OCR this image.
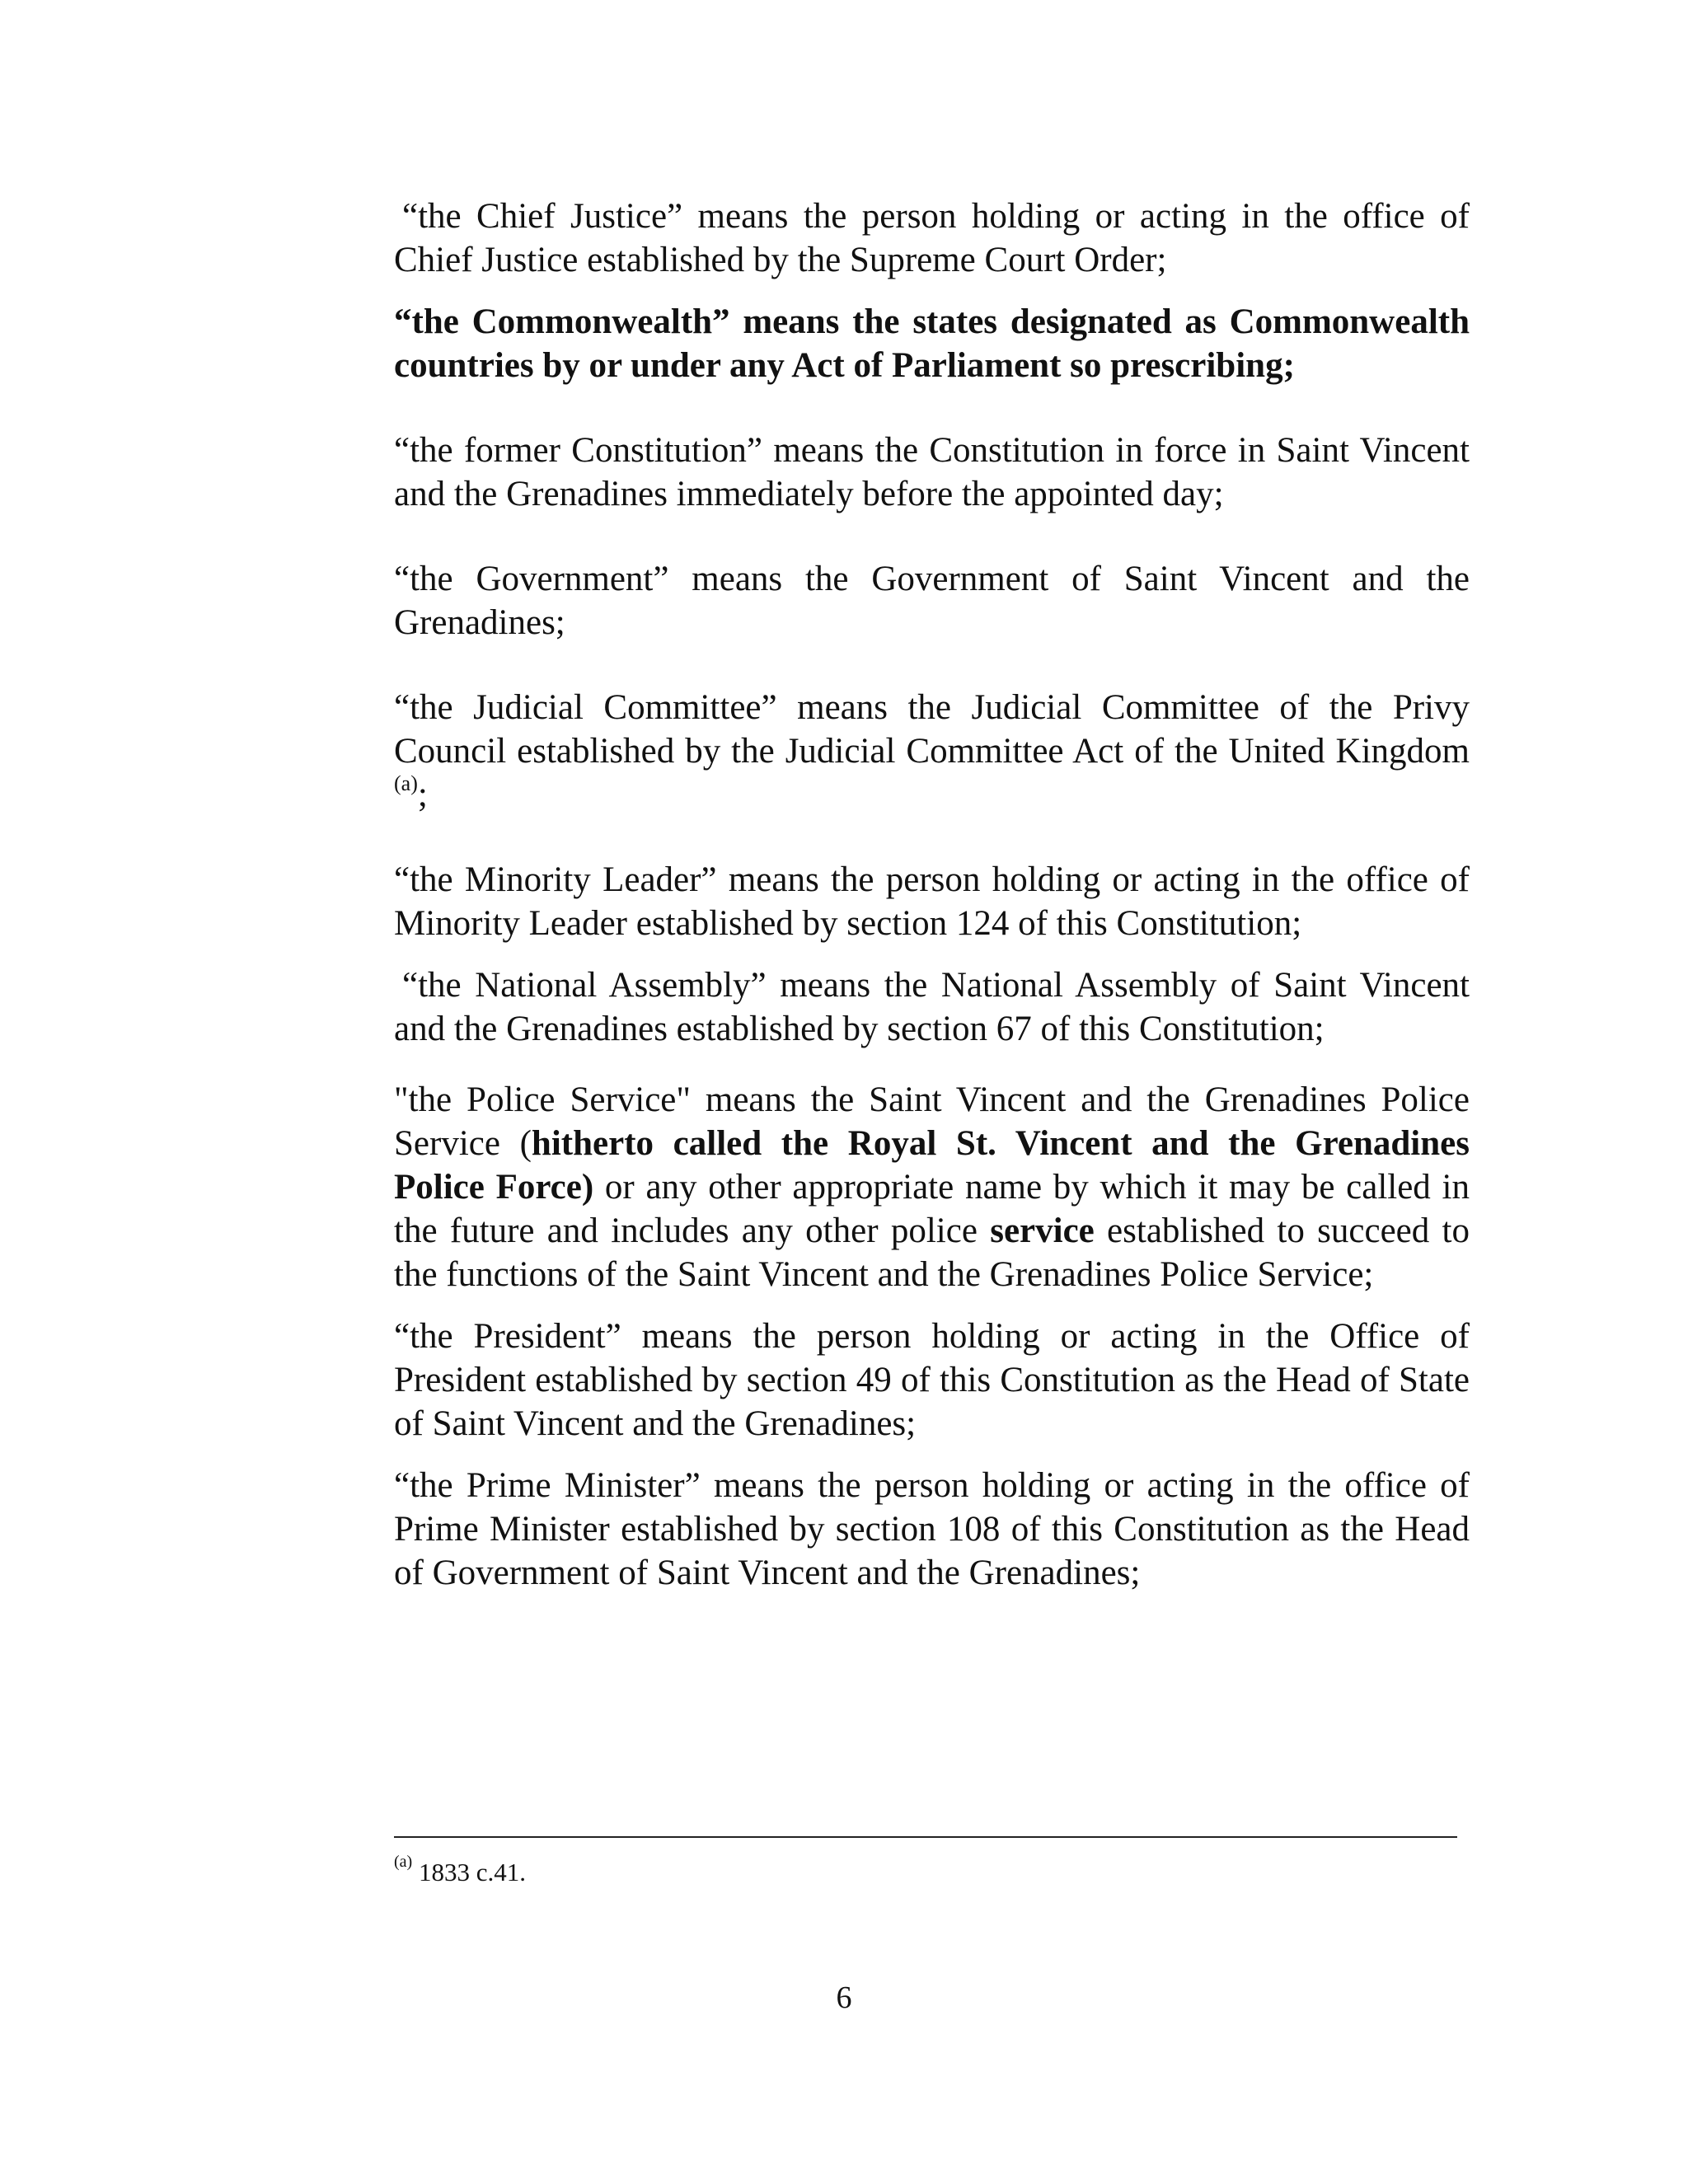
“the Chief Justice” means the person holding or acting in the office of Chief Justice established by the Supreme Court Order;

“the Commonwealth” means the states designated as Commonwealth countries by or under any Act of Parliament so prescribing;

“the former Constitution” means the Constitution in force in Saint Vincent and the Grenadines immediately before the appointed day;

“the Government” means the Government of Saint Vincent and the Grenadines;

“the Judicial Committee” means the Judicial Committee of the Privy Council established by the Judicial Committee Act of the United Kingdom $^{(a)}$;

“the Minority Leader” means the person holding or acting in the office of Minority Leader established by section 124 of this Constitution;

“the National Assembly” means the National Assembly of Saint Vincent and the Grenadines established by section 67 of this Constitution;

"the Police Service" means the Saint Vincent and the Grenadines Police Service (hitherto called the Royal St. Vincent and the Grenadines Police Force) or any other appropriate name by which it may be called in the future and includes any other police service established to succeed to the functions of the Saint Vincent and the Grenadines Police Service;

“the President” means the person holding or acting in the Office of President established by section 49 of this Constitution as the Head of State of Saint Vincent and the Grenadines;

“the Prime Minister” means the person holding or acting in the office of Prime Minister established by section 108 of this Constitution as the Head of Government of Saint Vincent and the Grenadines;

$^{(a)}$ 1833 c.41.

6
